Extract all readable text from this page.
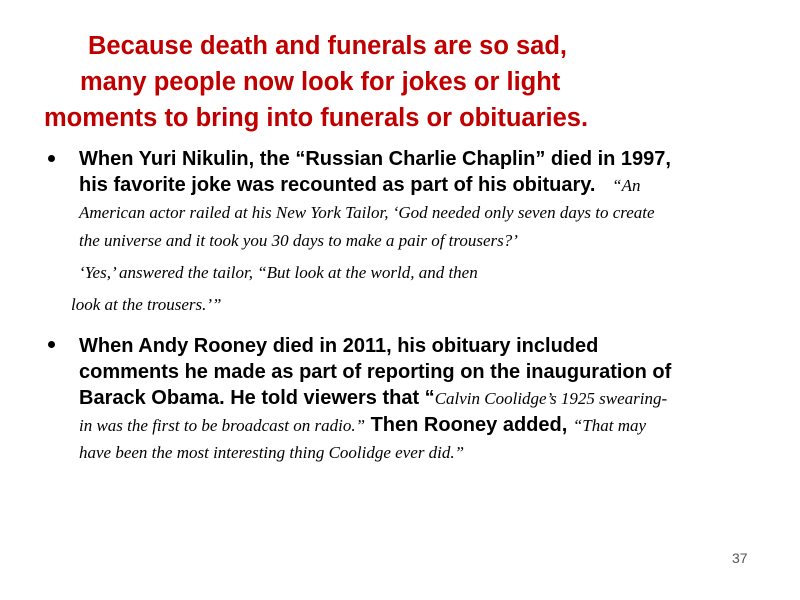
Because death and funerals are so sad,
many people now look for jokes or light
moments to bring into funerals or obituaries.
When Yuri Nikulin, the “Russian Charlie Chaplin” died in 1997,
his favorite joke was recounted as part of his obituary. “An
American actor railed at his New York Tailor, ‘God needed only seven days to create
the universe and it took you 30 days to make a pair of trousers?’
‘Yes,’ answered the tailor, “But look at the world, and then
look at the trousers.’”
When Andy Rooney died in 2011, his obituary included
comments he made as part of reporting on the inauguration of
Barack Obama. He told viewers that “Calvin Coolidge’s 1925 swearing-
in was the first to be broadcast on radio.” Then Rooney added, “That may
have been the most interesting thing Coolidge ever did.”
37
